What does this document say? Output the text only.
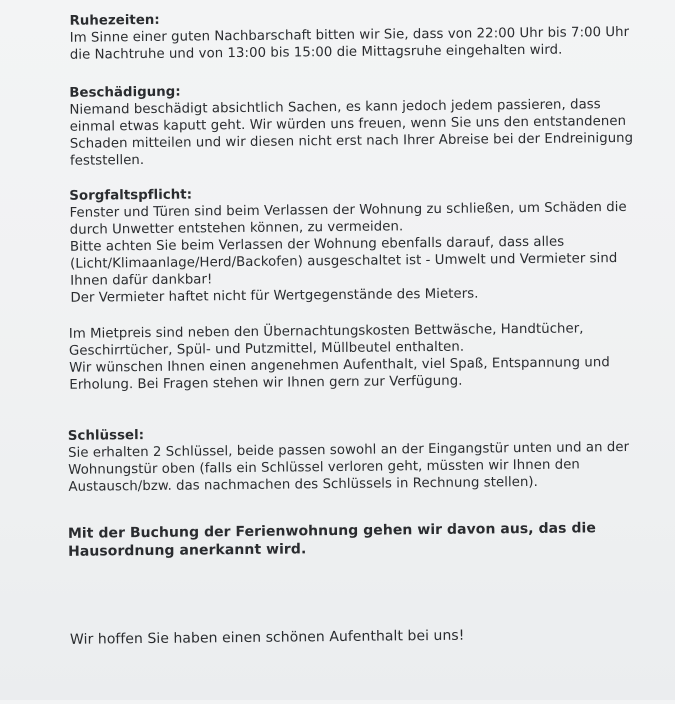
Ruhezeiten:
Im Sinne einer guten Nachbarschaft bitten wir Sie, dass von 22:00 Uhr bis 7:00 Uhr
die Nachtruhe und von 13:00 bis 15:00 die Mittagsruhe eingehalten wird.
Beschädigung:
Niemand beschädigt absichtlich Sachen, es kann jedoch jedem passieren, dass
einmal etwas kaputt geht. Wir würden uns freuen, wenn Sie uns den entstandenen
Schaden mitteilen und wir diesen nicht erst nach Ihrer Abreise bei der Endreinigung
feststellen.
Sorgfaltspflicht:
Fenster und Türen sind beim Verlassen der Wohnung zu schließen, um Schäden die
durch Unwetter entstehen können, zu vermeiden.
Bitte achten Sie beim Verlassen der Wohnung ebenfalls darauf, dass alles
(Licht/Klimaanlage/Herd/Backofen) ausgeschaltet ist - Umwelt und Vermieter sind
Ihnen dafür dankbar!
Der Vermieter haftet nicht für Wertgegenstände des Mieters.
Im Mietpreis sind neben den Übernachtungskosten Bettwäsche, Handtücher,
Geschirrtücher, Spül- und Putzmittel, Müllbeutel enthalten.
Wir wünschen Ihnen einen angenehmen Aufenthalt, viel Spaß, Entspannung und
Erholung. Bei Fragen stehen wir Ihnen gern zur Verfügung.
Schlüssel:
Sie erhalten 2 Schlüssel, beide passen sowohl an der Eingangstür unten und an der
Wohnungstür oben (falls ein Schlüssel verloren geht, müssten wir Ihnen den
Austausch/bzw. das nachmachen des Schlüssels in Rechnung stellen).
Mit der Buchung der Ferienwohnung gehen wir davon aus, das die
Hausordnung anerkannt wird.
Wir hoffen Sie haben einen schönen Aufenthalt bei uns!
